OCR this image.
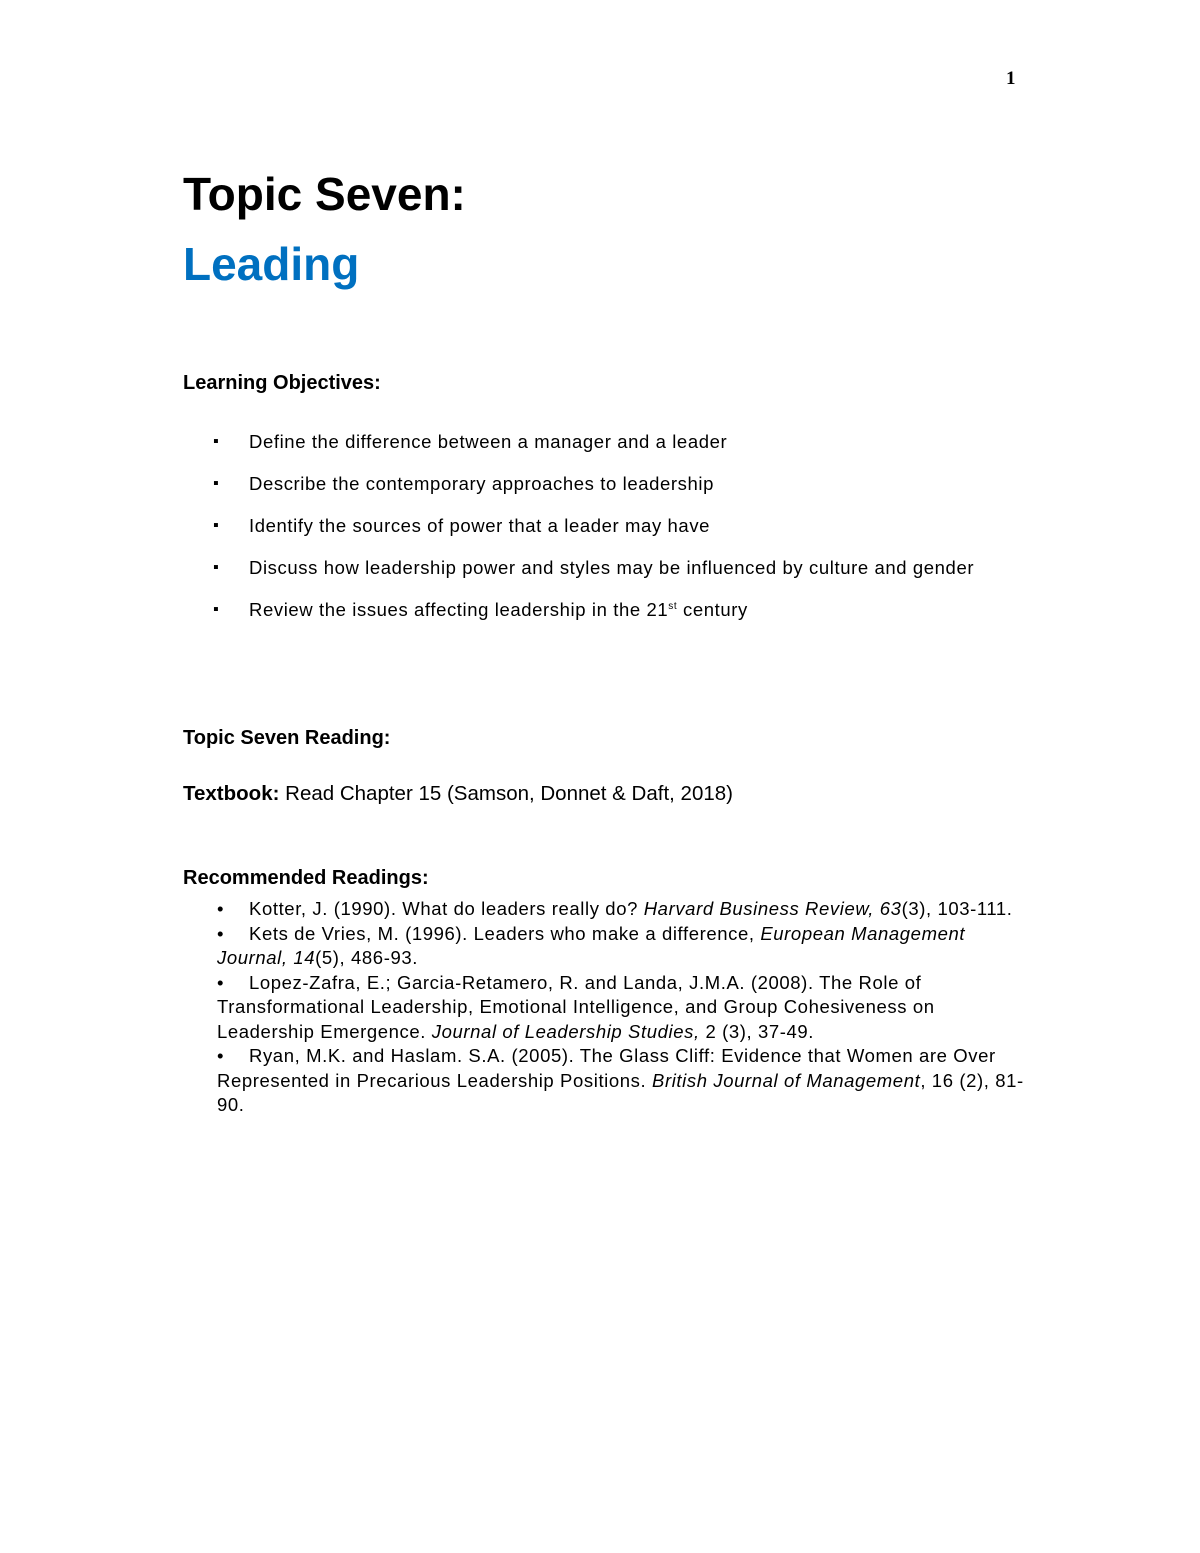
1
Topic Seven:
Leading
Learning Objectives:
▪ Define the difference between a manager and a leader
▪ Describe the contemporary approaches to leadership
▪ Identify the sources of power that a leader may have
▪ Discuss how leadership power and styles may be influenced by culture and gender
▪ Review the issues affecting leadership in the 21st century
Topic Seven Reading:
Textbook: Read Chapter 15 (Samson, Donnet & Daft, 2018)
Recommended Readings:
• Kotter, J. (1990). What do leaders really do? Harvard Business Review, 63(3), 103-111.
• Kets de Vries, M. (1996). Leaders who make a difference, European Management Journal, 14(5), 486-93.
• Lopez-Zafra, E.; Garcia-Retamero, R. and Landa, J.M.A. (2008). The Role of Transformational Leadership, Emotional Intelligence, and Group Cohesiveness on Leadership Emergence. Journal of Leadership Studies, 2 (3), 37-49.
• Ryan, M.K. and Haslam. S.A. (2005). The Glass Cliff: Evidence that Women are Over Represented in Precarious Leadership Positions. British Journal of Management, 16 (2), 81-90.
